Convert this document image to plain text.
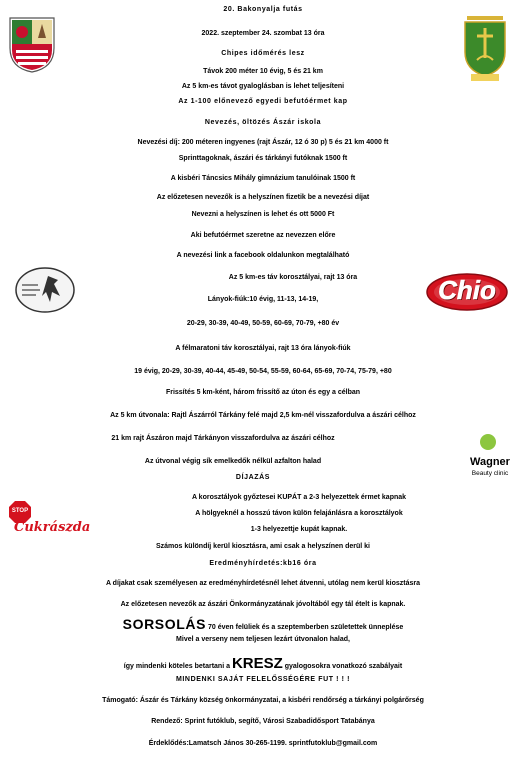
20. Bakonyalja futás
2022. szeptember 24. szombat 13 óra
Chipes időmérés lesz
Távok 200 méter 10 évig, 5 és 21 km
Az 5 km-es távot gyaloglásban is lehet teljesíteni
Az 1-100 előnevező egyedi befutóérmet kap
Nevezés, öltözés Ászár iskola
Nevezési díj: 200 méteren ingyenes (rajt Ászár, 12 ó 30 p) 5 és 21 km 4000 ft
Sprinttagoknak, ászári és tárkányi futóknak 1500 ft
A kisbéri Táncsics Mihály gimnázium tanulóinak 1500 ft
Az előzetesen nevezők is a helyszínen fizetik be a nevezési díjat
Nevezni a helyszínen is lehet és ott 5000 Ft
Aki befutóérmet szeretne az nevezzen előre
A nevezési link a facebook oldalunkon megtalálható
Chio
Az 5 km-es táv korosztályai, rajt 13 óra
Lányok-fiúk:10 évig, 11-13, 14-19,
20-29, 30-39, 40-49, 50-59, 60-69, 70-79, +80 év
A félmaratoni táv korosztályai, rajt 13 óra lányok-fiúk
19 évig, 20-29, 30-39, 40-44, 45-49, 50-54, 55-59, 60-64, 65-69, 70-74, 75-79, +80
Frissítés 5 km-ként, három frissítő az úton és egy a célban
Az 5 km útvonala: Rajtl Ászárról Tárkány felé majd 2,5 km-nél visszafordulva a ászári célhoz
21 km rajt Ászáron majd Tárkányon visszafordulva az ászári célhoz
Az útvonal végig sík emelkedők nélkül azfalton halad	Wagner
Beauty clinic
DÍJAZÁS
STOP
Cukrászda
A korosztályok győztesei KUPÁT a 2-3 helyezettek érmet kapnak
A hölgyeknél a hosszú távon külön felajánlásra a korosztályok
1-3 helyezettje kupát kapnak.
Számos különdíj kerül kiosztásra, ami csak a helyszínen derül ki
Eredményhírdetés:kb16 óra
A díjakat csak személyesen az eredményhírdetésnél lehet átvenni, utólag nem kerül kiosztásra
Az előzetesen nevezők az ászári Önkormányzatának jóvoltából egy tál ételt is kapnak.
SORSOLÁS 70 éven felüliek és a szeptemberben születettek ünneplése
Mivel a verseny nem teljesen lezárt útvonalon halad,
így mindenki köteles betartani a KRESZ gyalogosokra vonatkozó szabályait
MINDENKI SAJÁT FELELŐSSÉGÉRE FUT ! ! !
Támogató: Ászár és Tárkány község önkormányzatai, a kisbéri rendőrség a tárkányi polgárőrség
Rendező: Sprint futóklub, segítő, Városi Szabadidősport Tatabánya
Érdeklődés:Lamatsch János 30-265-1199. sprintfutoklub@gmail.com
